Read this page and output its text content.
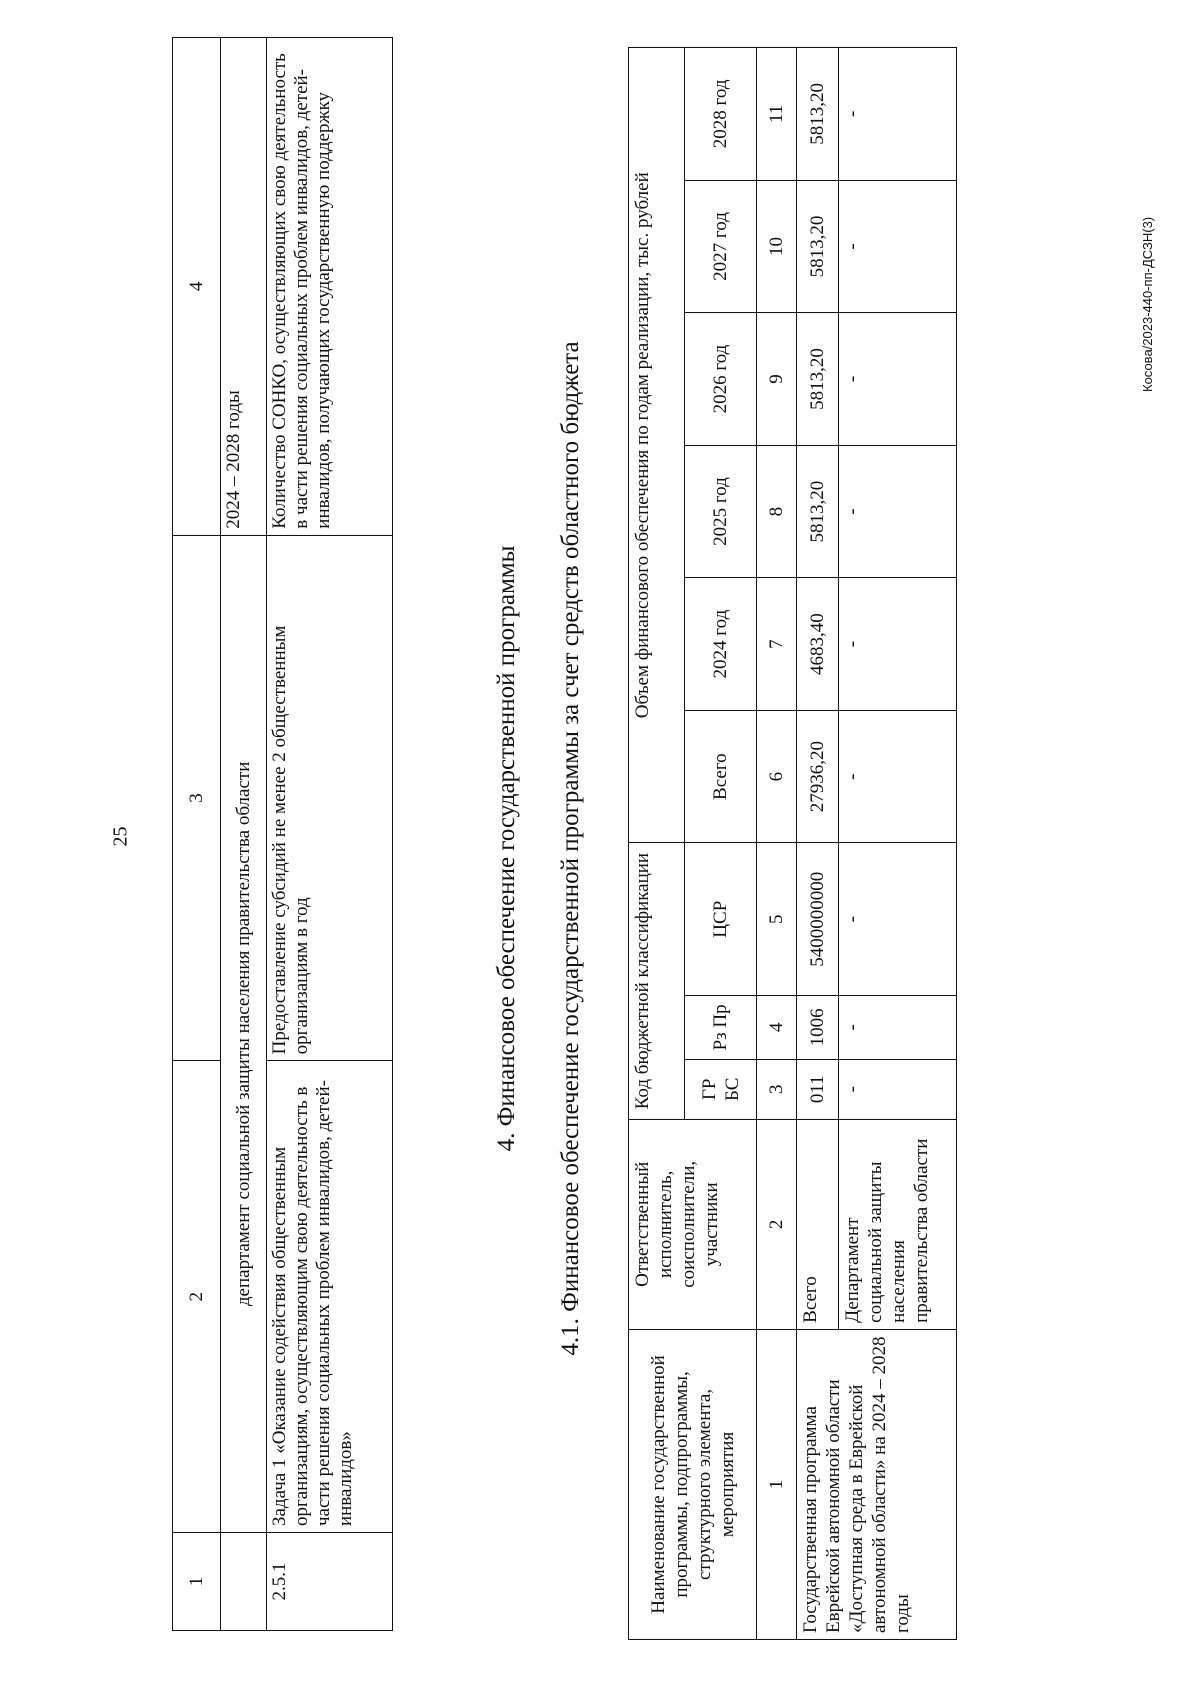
25
1	2	3	4
	департамент социальной защиты населения правительства области		2024 – 2028 годы
2.5.1	Задача 1 «Оказание содействия общественным организациям, осуществляющим свою деятельность в части решения социальных проблем инвалидов, детей-инвалидов»	Предоставление субсидий не менее 2 общественным организациям в год	Количество СОНКО, осуществляющих свою деятельность в части решения социальных проблем инвалидов, детей-инвалидов, получающих государственную поддержку
4. Финансовое обеспечение государственной программы 4.1. Финансовое обеспечение государственной программы за счет средств областного бюджета
Наименование государственной программы, подпрограммы, структурного элемента, мероприятия	Ответственный исполнитель, соисполнители, участники	Код бюджетной классификации			Объем финансового обеспечения по годам реализации, тыс. рублей					
		ГР БС	Рз Пр	ЦСР	Всего	2024 год	2025 год	2026 год	2027 год	2028 год
1	2	3	4	5	6	7	8	9	10	11
Государственная программа Еврейской автономной области «Доступная среда в Еврейской автономной области» на 2024 – 2028 годы	Всего	011	1006	5400000000	27936,20	4683,40	5813,20	5813,20	5813,20	5813,20
	Департамент социальной защиты населения правительства области	-	-	-	-	-	-	-	-	-
Косова/2023-440-пп-ДСЗН(3)
